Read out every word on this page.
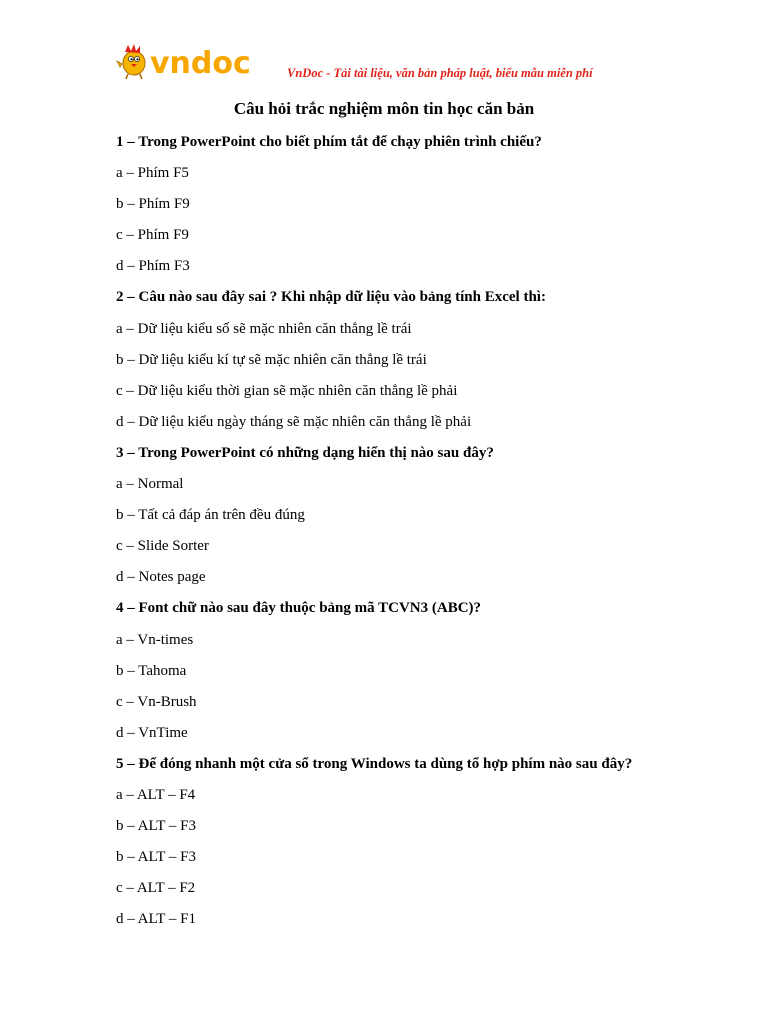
vndoc	VnDoc - Tải tài liệu, văn bản pháp luật, biểu mẫu miễn phí
Câu hỏi trắc nghiệm môn tin học căn bản
1 – Trong PowerPoint cho biết phím tắt để chạy phiên trình chiếu?
a – Phím F5
b – Phím F9
c – Phím F9
d – Phím F3
2 – Câu nào sau đây sai ? Khi nhập dữ liệu vào bảng tính Excel thì:
a – Dữ liệu kiểu số sẽ mặc nhiên căn thẳng lề trái
b – Dữ liệu kiểu kí tự sẽ mặc nhiên căn thẳng lề trái
c – Dữ liệu kiểu thời gian sẽ mặc nhiên căn thẳng lề phải
d – Dữ liệu kiểu ngày tháng sẽ mặc nhiên căn thẳng lề phải
3 – Trong PowerPoint có những dạng hiển thị nào sau đây?
a – Normal
b – Tất cả đáp án trên đều đúng
c – Slide Sorter
d – Notes page
4 – Font chữ nào sau đây thuộc bảng mã TCVN3 (ABC)?
a – Vn-times
b – Tahoma
c – Vn-Brush
d – VnTime
5 – Để đóng nhanh một cửa sổ trong Windows ta dùng tổ hợp phím nào sau đây?
a – ALT – F4
b – ALT – F3
b – ALT – F3
c – ALT – F2
d – ALT – F1
